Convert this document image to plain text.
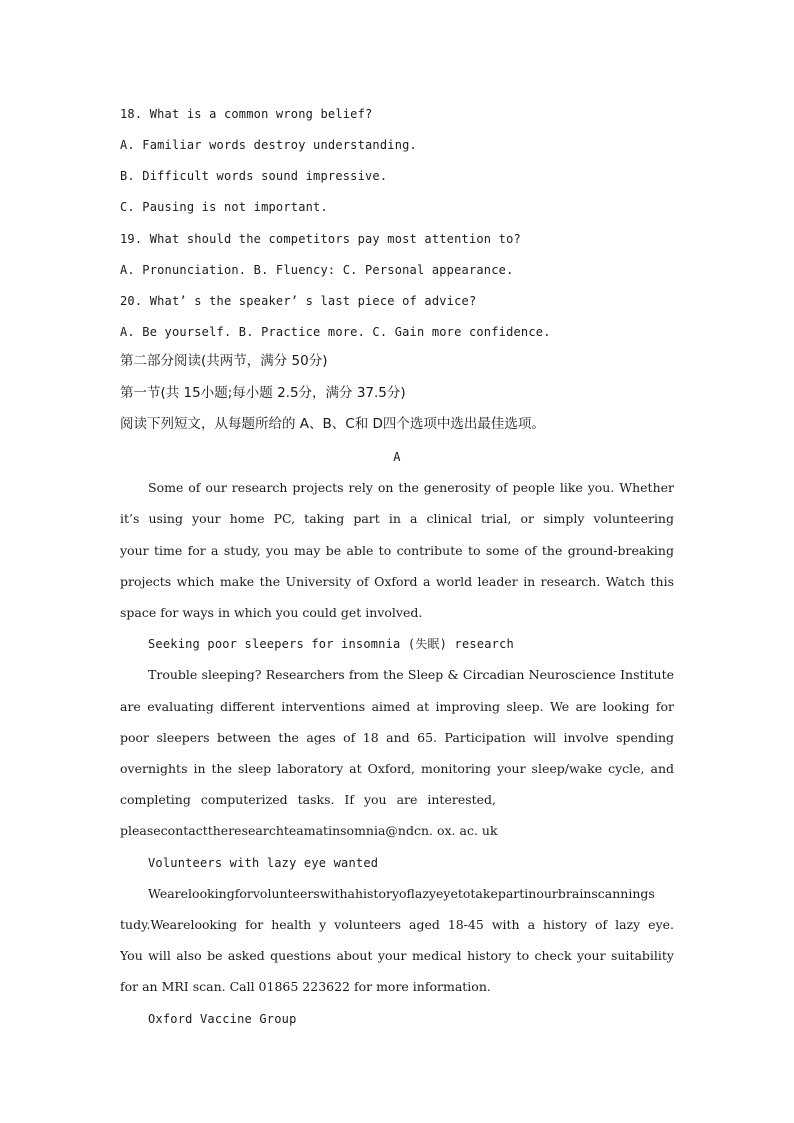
18. What is a common wrong belief?
A. Familiar words destroy understanding.
B. Difficult words sound impressive.
C. Pausing is not important.
19. What should the competitors pay most attention to?
A. Pronunciation. B. Fluency: C. Personal appearance.
20. What’ s the speaker’ s last piece of advice?
A. Be yourself. B. Practice more. C. Gain more confidence.
第二部分阅读(共两节，满分 50分)
第一节(共 15小题;每小题 2.5分，满分 37.5分)
阅读下列短文，从每题所给的 A、B、C和 D四个选项中选出最佳选项。
A
Some of our research projects rely on the generosity of people like you. Whether
it’s using your home PC, taking part in a clinical trial, or simply volunteering
your time for a study, you may be able to contribute to some of the ground-breaking
projects which make the University of Oxford a world leader in research. Watch this
space for ways in which you could get involved.
Seeking poor sleepers for insomnia (失眠) research
Trouble sleeping? Researchers from the Sleep & Circadian Neuroscience Institute
are evaluating different interventions aimed at improving sleep. We are looking for
poor sleepers between the ages of 18 and 65. Participation will involve spending
overnights in the sleep laboratory at Oxford, monitoring your sleep/wake cycle, and
completing computerized tasks. If you are interested,
pleasecontacttheresearchteamatinsomnia@ndcn. ox. ac. uk
Volunteers with lazy eye wanted
Wearelookingforvolunteerswithahistoryoflazyeyetotakepartinourbrainscannings
tudy.Wearelooking for health y volunteers aged 18-45 with a history of lazy eye.
You will also be asked questions about your medical history to check your suitability
for an MRI scan. Call 01865 223622 for more information.
Oxford Vaccine Group
